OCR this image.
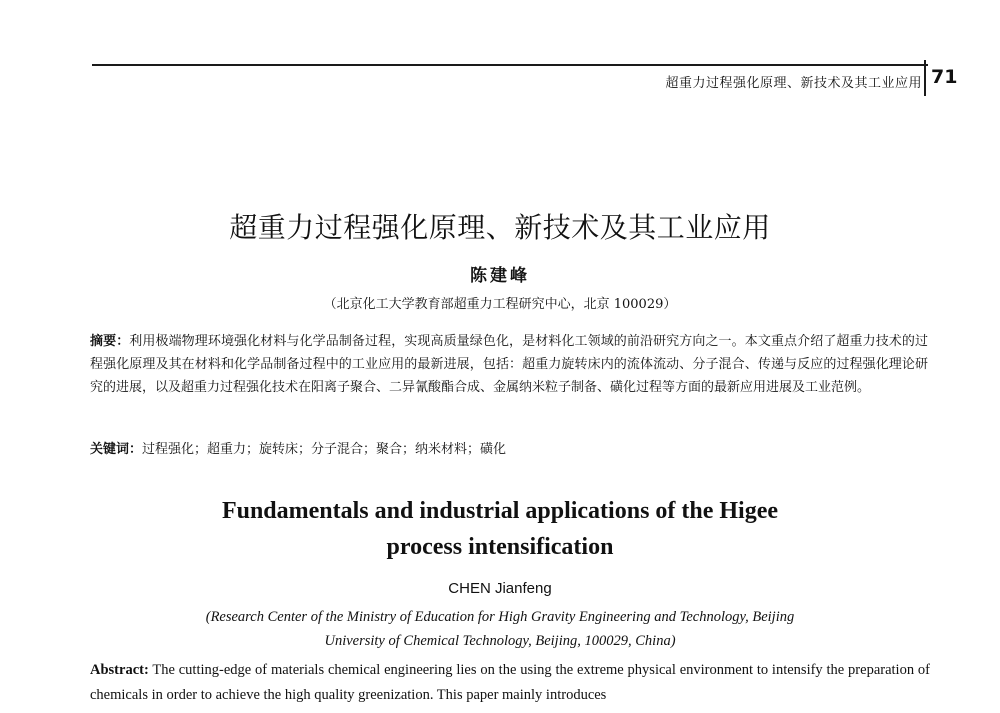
超重力过程强化原理、新技术及其工业应用 71
超重力过程强化原理、新技术及其工业应用
陈建峰
（北京化工大学教育部超重力工程研究中心，北京 100029）
摘要：利用极端物理环境强化材料与化学品制备过程，实现高质量绿色化，是材料化工领域的前沿研究方向之一。本文重点介绍了超重力技术的过程强化原理及其在材料和化学品制备过程中的工业应用的最新进展，包括：超重力旋转床内的流体流动、分子混合、传递与反应的过程强化理论研究的进展，以及超重力过程强化技术在阳离子聚合、二异氰酸酯合成、金属纳米粒子制备、磺化过程等方面的最新应用进展及工业范例。
关键词：过程强化；超重力；旋转床；分子混合；聚合；纳米材料；磺化
Fundamentals and industrial applications of the Higee
process intensification
CHEN Jianfeng
(Research Center of the Ministry of Education for High Gravity Engineering and Technology, Beijing
University of Chemical Technology, Beijing, 100029, China)
Abstract: The cutting-edge of materials chemical engineering lies on the using the extreme physical environment to intensify the preparation of chemicals in order to achieve the high quality greenization. This paper mainly introduces
